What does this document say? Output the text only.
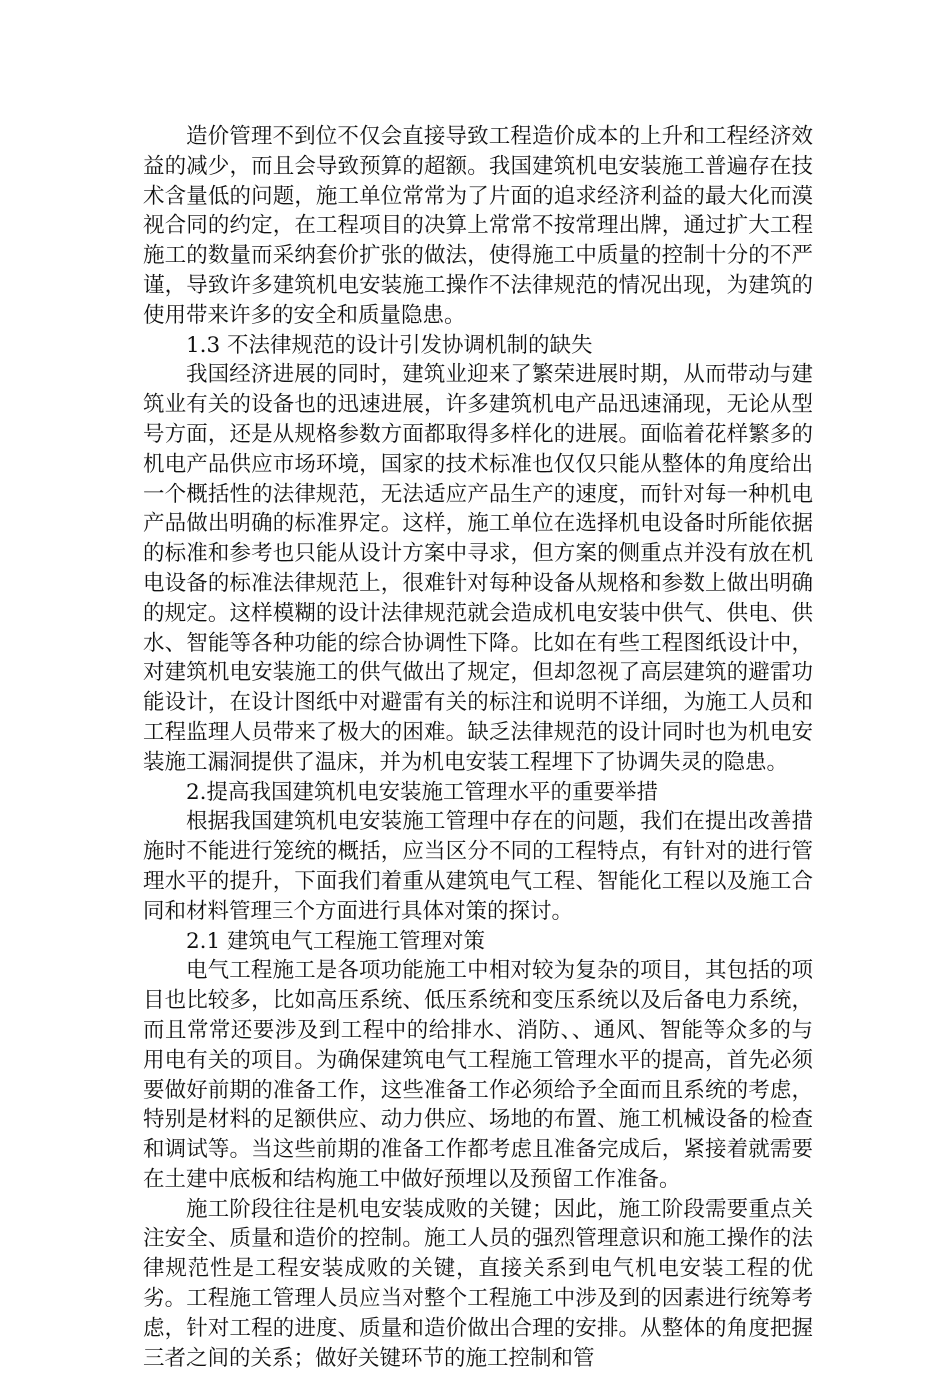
造价管理不到位不仅会直接导致工程造价成本的上升和工程经济效益的减少，而且会导致预算的超额。我国建筑机电安装施工普遍存在技术含量低的问题，施工单位常常为了片面的追求经济利益的最大化而漠视合同的约定，在工程项目的决算上常常不按常理出牌，通过扩大工程施工的数量而采纳套价扩张的做法，使得施工中质量的控制十分的不严谨，导致许多建筑机电安装施工操作不法律规范的情况出现，为建筑的使用带来许多的安全和质量隐患。

1.3 不法律规范的设计引发协调机制的缺失

我国经济进展的同时，建筑业迎来了繁荣进展时期，从而带动与建筑业有关的设备也的迅速进展，许多建筑机电产品迅速涌现，无论从型号方面，还是从规格参数方面都取得多样化的进展。面临着花样繁多的机电产品供应市场环境，国家的技术标准也仅仅只能从整体的角度给出一个概括性的法律规范，无法适应产品生产的速度，而针对每一种机电产品做出明确的标准界定。这样，施工单位在选择机电设备时所能依据的标准和参考也只能从设计方案中寻求，但方案的侧重点并没有放在机电设备的标准法律规范上，很难针对每种设备从规格和参数上做出明确的规定。这样模糊的设计法律规范就会造成机电安装中供气、供电、供水、智能等各种功能的综合协调性下降。比如在有些工程图纸设计中，对建筑机电安装施工的供气做出了规定，但却忽视了高层建筑的避雷功能设计，在设计图纸中对避雷有关的标注和说明不详细，为施工人员和工程监理人员带来了极大的困难。缺乏法律规范的设计同时也为机电安装施工漏洞提供了温床，并为机电安装工程埋下了协调失灵的隐患。

2.提高我国建筑机电安装施工管理水平的重要举措

根据我国建筑机电安装施工管理中存在的问题，我们在提出改善措施时不能进行笼统的概括，应当区分不同的工程特点，有针对的进行管理水平的提升，下面我们着重从建筑电气工程、智能化工程以及施工合同和材料管理三个方面进行具体对策的探讨。

2.1 建筑电气工程施工管理对策

电气工程施工是各项功能施工中相对较为复杂的项目，其包括的项目也比较多，比如高压系统、低压系统和变压系统以及后备电力系统，而且常常还要涉及到工程中的给排水、消防、、通风、智能等众多的与用电有关的项目。为确保建筑电气工程施工管理水平的提高，首先必须要做好前期的准备工作，这些准备工作必须给予全面而且系统的考虑，特别是材料的足额供应、动力供应、场地的布置、施工机械设备的检查和调试等。当这些前期的准备工作都考虑且准备完成后，紧接着就需要在土建中底板和结构施工中做好预埋以及预留工作准备。

施工阶段往往是机电安装成败的关键；因此，施工阶段需要重点关注安全、质量和造价的控制。施工人员的强烈管理意识和施工操作的法律规范性是工程安装成败的关键，直接关系到电气机电安装工程的优劣。工程施工管理人员应当对整个工程施工中涉及到的因素进行统筹考虑，针对工程的进度、质量和造价做出合理的安排。从整体的角度把握三者之间的关系；做好关键环节的施工控制和管
